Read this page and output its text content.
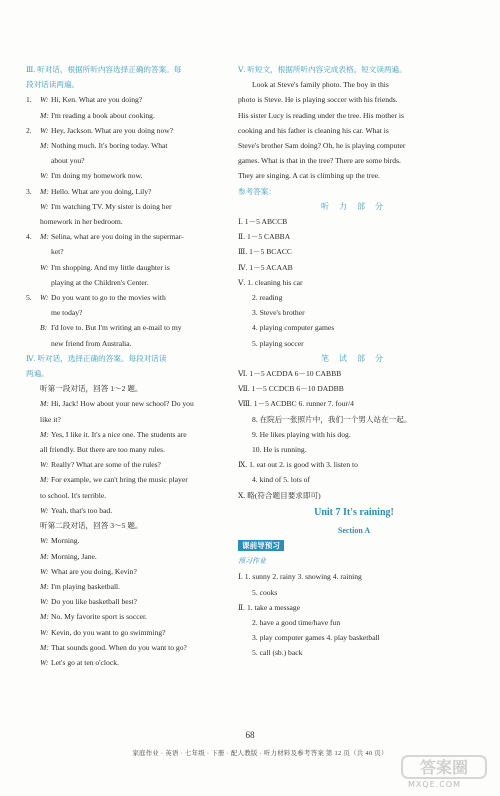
Ⅲ. 听对话，根据所听内容选择正确的答案。每
段对话读两遍。
1. W: Hi, Ken. What are you doing?
M: I'm reading a book about cooking.
2. W: Hey, Jackson. What are you doing now?
M: Nothing much. It's boring today. What
about you?
W: I'm doing my homework now.
3. M: Hello. What are you doing, Lily?
W: I'm watching TV. My sister is doing her
homework in her bedroom.
4. M: Selina, what are you doing in the supermar-
ket?
W: I'm shopping. And my little daughter is
playing at the Children's Center.
5. W: Do you want to go to the movies with
me today?
B: I'd love to. But I'm writing an e-mail to my
new friend from Australia.
Ⅳ. 听对话，选择正确的答案。每段对话读
两遍。
听第一段对话，回答 1～2 题。
M: Hi, Jack! How about your new school? Do you
like it?
M: Yes, I like it. It's a nice one. The students are
all friendly. But there are too many rules.
W: Really? What are some of the rules?
M: For example, we can't bring the music player
to school. It's terrible.
W: Yeah, that's too bad.
听第二段对话，回答 3～5 题。
W: Morning.
M: Morning, Jane.
W: What are you doing, Kevin?
M: I'm playing basketball.
W: Do you like basketball best?
M: No. My favorite sport is soccer.
W: Kevin, do you want to go swimming?
M: That sounds good. When do you want to go?
W: Let's go at ten o'clock.
Ⅴ. 听短文，根据所听内容完成表格。短文读两遍。
Look at Steve's family photo. The boy in this
photo is Steve. He is playing soccer with his friends.
His sister Lucy is reading under the tree. His mother is
cooking and his father is cleaning his car. What is
Steve's brother Sam doing? Oh, he is playing computer
games. What is that in the tree? There are some birds.
They are singing. A cat is climbing up the tree.
参考答案：
听 力 部 分
Ⅰ. 1－5 ABCCB
Ⅱ. 1－5 CABBA
Ⅲ. 1－5 BCACC
Ⅳ. 1－5 ACAAB
Ⅴ. 1. cleaning his car
2. reading
3. Steve's brother
4. playing computer games
5. playing soccer
笔 试 部 分
Ⅵ. 1－5 ACDDA 6－10 CABBB
Ⅶ. 1－5 CCDCB 6－10 DADBB
Ⅷ. 1－5 ACDBC 6. runner 7. four/4
8. 在院后一张照片中，我们一个男人站在一起。
9. He likes playing with his dog.
10. He is running.
Ⅸ. 1. eat out 2. is good with 3. listen to
4. kind of 5. lots of
Ⅹ. 略(符合题目要求即可)
Unit 7 It's raining!
Section A
课前导预习
预习作业
Ⅰ. 1. sunny 2. rainy 3. snowing 4. raining
5. cooks
Ⅱ. 1. take a message
2. have a good time/have fun
3. play computer games 4. play basketball
5. call (sb.) back
68
家庭作业 · 英语 · 七年级 · 下册 · 配人教版 · 听力材料及参考答案 第 12 页（共 40 页）
答案圈
MXQE.COM
